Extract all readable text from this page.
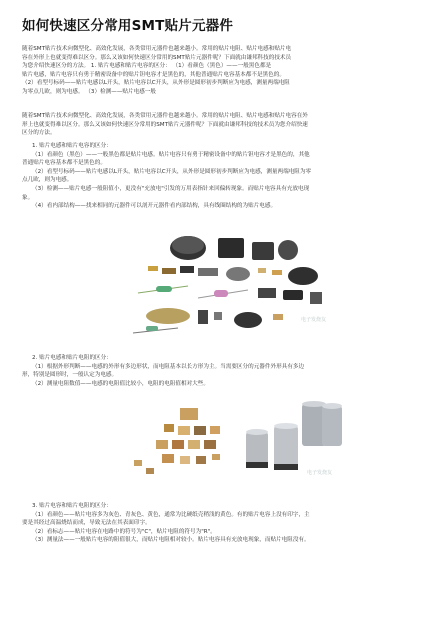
如何快速区分常用SMT贴片元器件
随着SMT贴片技术向微型化、高效化发展，各类常用元器件也越来越小。常用的贴片电阻、贴片电感和贴片电
容在外形上也就变得难以区分。那么又该如何快速区分常用的SMT贴片元器件呢？下面就由谦邦科技的技术员
为您介绍快速区分的方法。 1. 贴片电感和贴片电容的区分： （1）看颜色（黑色）——一般黑色都是
贴片电感，贴片电容只有勇于精密设备中的贴片钽电容才是黑色的，其他普通贴片电容基本都不是黑色的。
（2）看型号标码——贴片电感以L开头，贴片电容以C开头，从外形是圆形初步判断应为电感，测量两端电阻
为零点几欧，则为电感。 （3）检测——贴片电感一般
随着SMT贴片技术向微型化、高效化发展，各类常用元器件也越来越小。常用的贴片电阻、贴片电感和贴片电容在外
形上也就变得难以区分。那么又该如何快速区分常用的SMT贴片元器件呢？下面就由谦邦科技的技术员为您介绍快速
区分的方法。
1. 贴片电感和贴片电容的区分：
（1）看颜色（黑色）——一般黑色都是贴片电感。贴片电容只有勇于精密设备中的贴片钽电容才是黑色的，其他
普通贴片电容基本都不是黑色的。
（2）看型号标码——贴片电感以L开头，贴片电容以C开头，从外形是圆形初步判断应为电感，测量两端电阻为零
点几欧，则为电感。
（3）检测——贴片电感一般阻值小，更没有"充放电"引发的万用表指针来回偏转现象。而贴片电容具有充放电现
象。
（4）看内部结构——找来相同的元器件可以剖开元器件看内部结构，具有线圈结构的为贴片电感。
电子发烧友
2. 贴片电感和贴片电阻的区分：
（1）根据外形判断——电感的外形有多边形状，而电阻基本以长方形为主。当需要区分的元器件外形具有多边
形，特别是圆形时，一般认定为电感。
（2）测量电阻数值——电感的电阻值比较小，电阻的电阻值相对大些。
电子发烧友
3. 贴片电容和贴片电阻的区分：
（1）看颜色——贴片电容多为灰色、青灰色、黄色，通常为比硬纸壳稍浅的黄色。有的贴片电容上没有印字，主
要是其经过高温烧结而成，导致无法在其表面印字。
（2）看标志——贴片电容在电路中的符号为"C"，贴片电阻的符号为"R"。
（3）测量法——一般贴片电容的阻值很大，而贴片电阻相对较小。贴片电容具有充放电现象，而贴片电阻没有。
